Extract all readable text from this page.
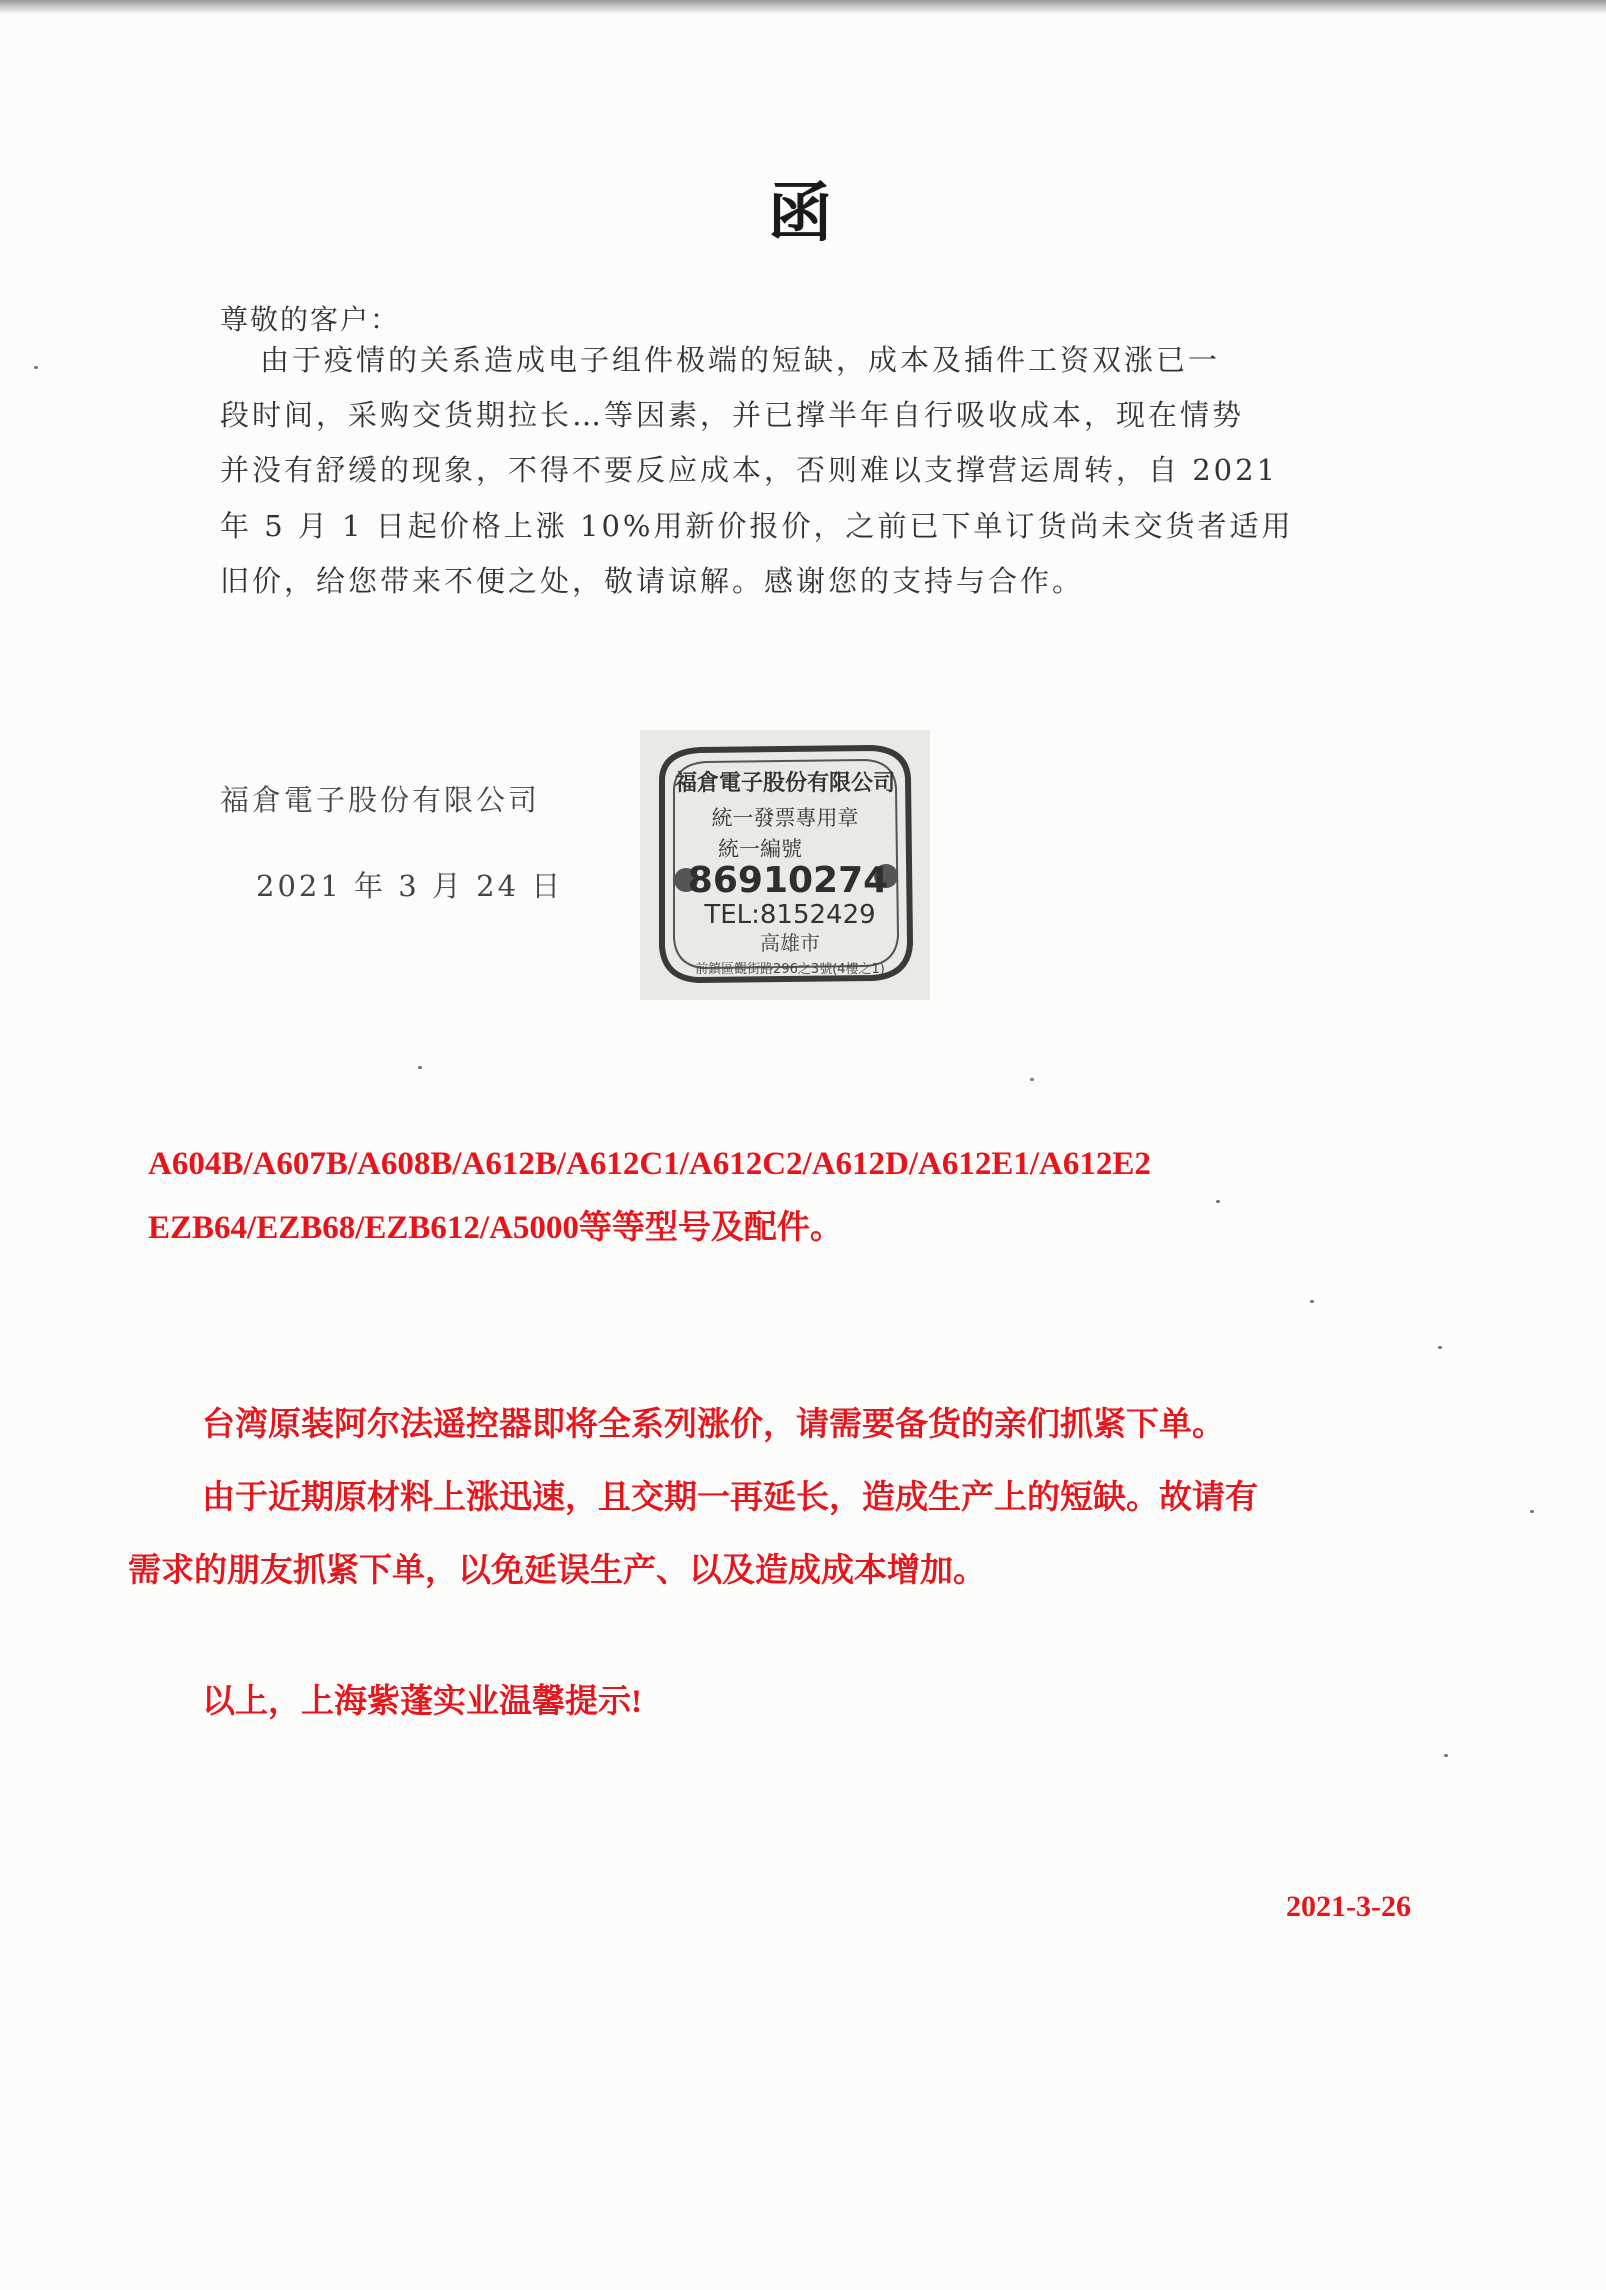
函
尊敬的客户：
由于疫情的关系造成电子组件极端的短缺，成本及插件工资双涨已一
段时间，采购交货期拉长…等因素，并已撑半年自行吸收成本，现在情势
并没有舒缓的现象，不得不要反应成本，否则难以支撑营运周转，自 2021
年 5 月 1 日起价格上涨 10%用新价报价，之前已下单订货尚未交货者适用
旧价，给您带来不便之处，敬请谅解。感谢您的支持与合作。
福倉電子股份有限公司
2021 年 3 月 24 日
福倉電子股份有限公司
統一發票專用章
統一編號
86910274
TEL:8152429
高雄市
前鎮區觀街路296之3號(4樓之1)
A604B/A607B/A608B/A612B/A612C1/A612C2/A612D/A612E1/A612E2
EZB64/EZB68/EZB612/A5000等等型号及配件。
台湾原装阿尔法遥控器即将全系列涨价，请需要备货的亲们抓紧下单。
由于近期原材料上涨迅速，且交期一再延长，造成生产上的短缺。故请有
需求的朋友抓紧下单，以免延误生产、以及造成成本增加。
以上，上海紫蓬实业温馨提示!
2021-3-26
